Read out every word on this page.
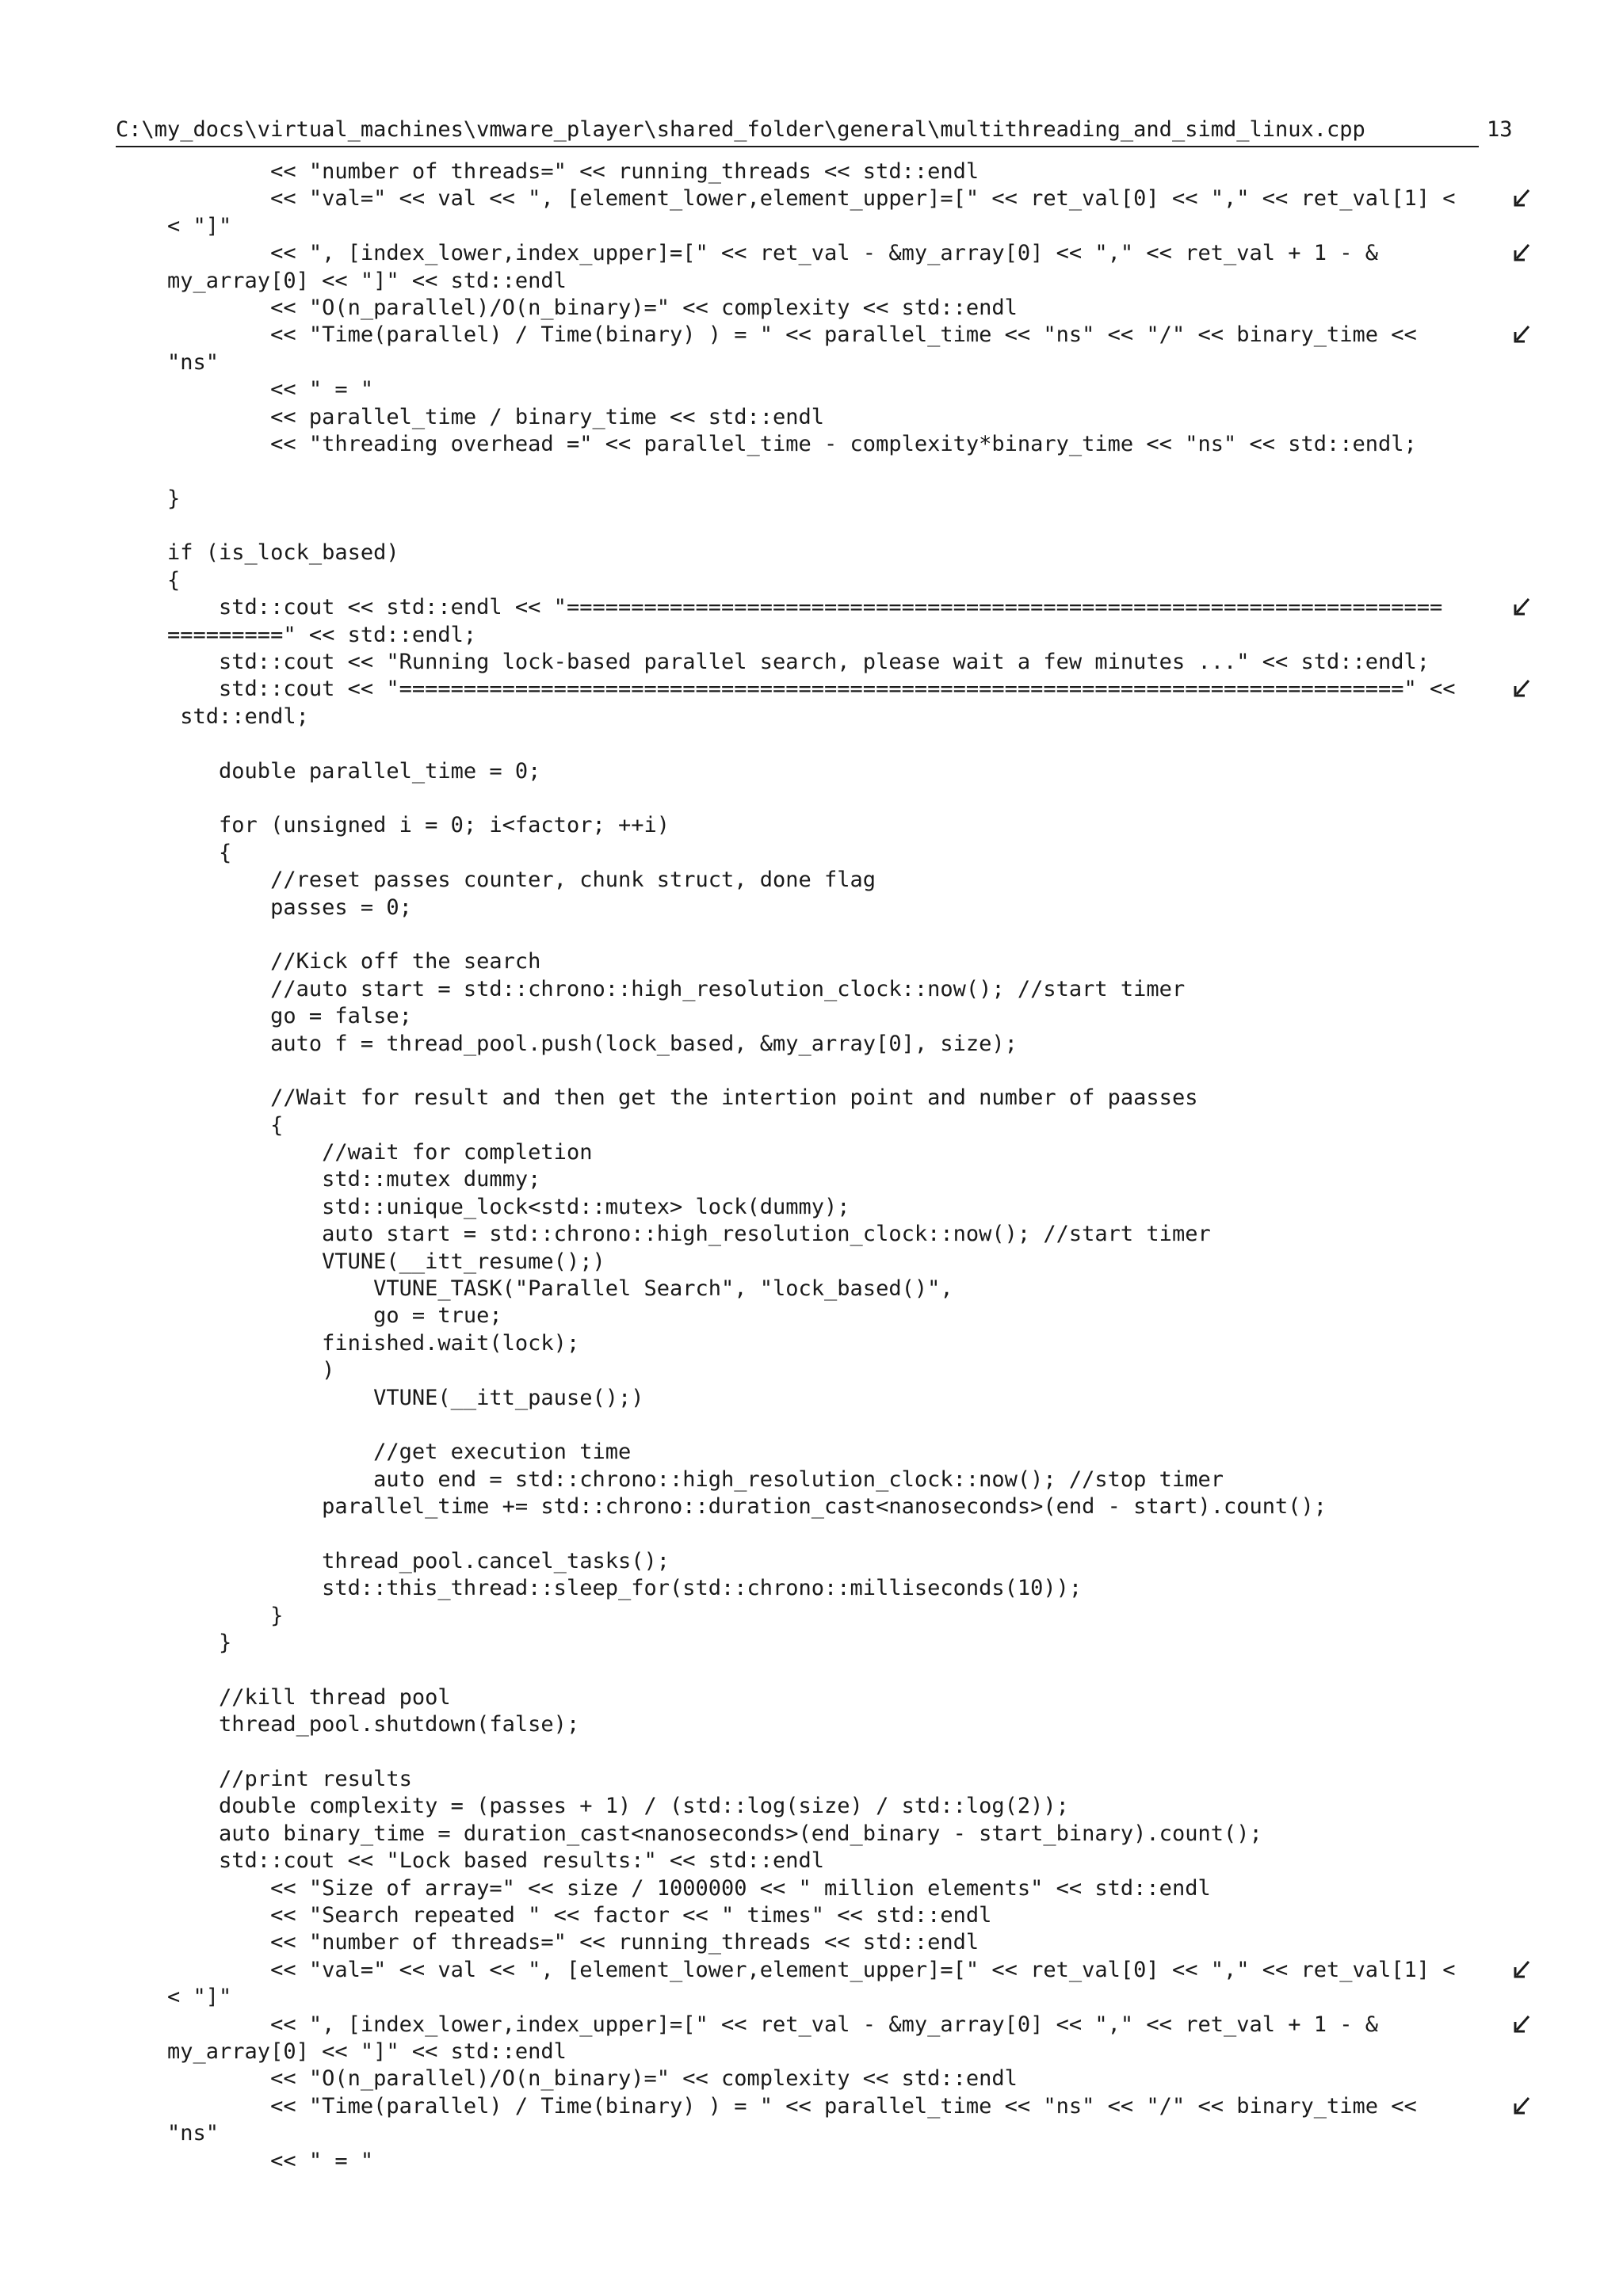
C:\my_docs\virtual_machines\vmware_player\shared_folder\general\multithreading_and_simd_linux.cpp	13
<< "number of threads=" << running_threads << std::endl
<< "val=" << val << ", [element_lower,element_upper]=[" << ret_val[0] << "," << ret_val[1] <
< "]"
<< ", [index_lower,index_upper]=[" << ret_val - &my_array[0] << "," << ret_val + 1 - &
my_array[0] << "]" << std::endl
<< "O(n_parallel)/O(n_binary)=" << complexity << std::endl
<< "Time(parallel) / Time(binary) ) = " << parallel_time << "ns" << "/" << binary_time <<
"ns"
<< " = "
<< parallel_time / binary_time << std::endl
<< "threading overhead =" << parallel_time - complexity*binary_time << "ns" << std::endl;
}
if (is_lock_based)
{
std::cout << std::endl << "====================================================================
=========" << std::endl;
std::cout << "Running lock-based parallel search, please wait a few minutes ..." << std::endl;
std::cout << "==============================================================================" <<
std::endl;
double parallel_time = 0;
for (unsigned i = 0; i<factor; ++i)
{
//reset passes counter, chunk struct, done flag
passes = 0;
//Kick off the search
//auto start = std::chrono::high_resolution_clock::now(); //start timer
go = false;
auto f = thread_pool.push(lock_based, &my_array[0], size);
//Wait for result and then get the intertion point and number of paasses
{
//wait for completion
std::mutex dummy;
std::unique_lock<std::mutex> lock(dummy);
auto start = std::chrono::high_resolution_clock::now(); //start timer
VTUNE(__itt_resume();)
VTUNE_TASK("Parallel Search", "lock_based()",
go = true;
finished.wait(lock);
)
VTUNE(__itt_pause();)
//get execution time
auto end = std::chrono::high_resolution_clock::now(); //stop timer
parallel_time += std::chrono::duration_cast<nanoseconds>(end - start).count();
thread_pool.cancel_tasks();
std::this_thread::sleep_for(std::chrono::milliseconds(10));
}
}
//kill thread pool
thread_pool.shutdown(false);
//print results
double complexity = (passes + 1) / (std::log(size) / std::log(2));
auto binary_time = duration_cast<nanoseconds>(end_binary - start_binary).count();
std::cout << "Lock based results:" << std::endl
<< "Size of array=" << size / 1000000 << " million elements" << std::endl
<< "Search repeated " << factor << " times" << std::endl
<< "number of threads=" << running_threads << std::endl
<< "val=" << val << ", [element_lower,element_upper]=[" << ret_val[0] << "," << ret_val[1] <
< "]"
<< ", [index_lower,index_upper]=[" << ret_val - &my_array[0] << "," << ret_val + 1 - &
my_array[0] << "]" << std::endl
<< "O(n_parallel)/O(n_binary)=" << complexity << std::endl
<< "Time(parallel) / Time(binary) ) = " << parallel_time << "ns" << "/" << binary_time <<
"ns"
<< " = "
